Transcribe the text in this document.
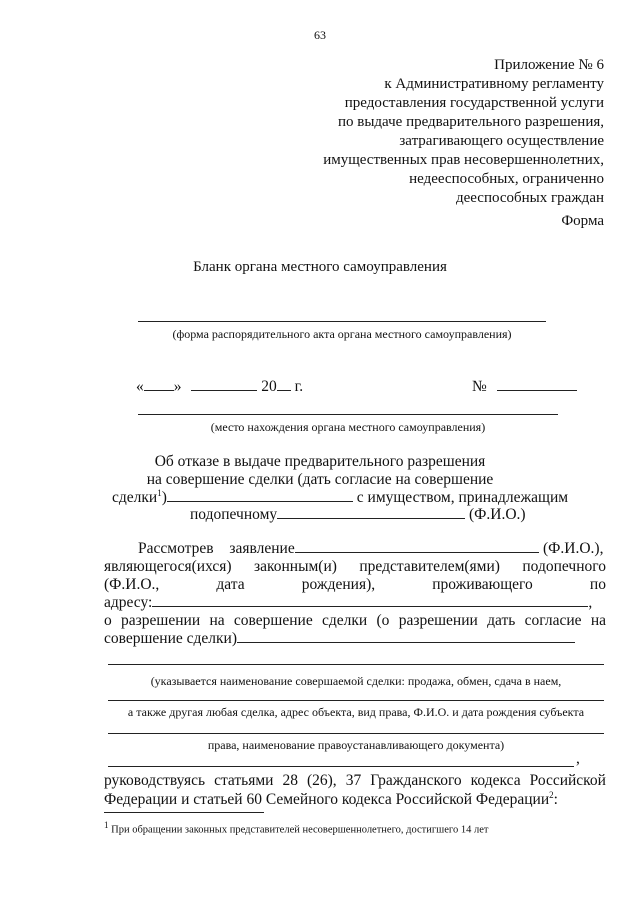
63
Приложение № 6
к Административному регламенту
предоставления государственной услуги
по выдаче предварительного разрешения,
затрагивающего осуществление
имущественных прав несовершеннолетних,
недееспособных, ограниченно
дееспособных граждан
Форма
Бланк органа местного самоуправления
(форма распорядительного акта органа местного самоуправления)
« »	20 г.	№
(место нахождения органа местного самоуправления)
Об отказе в выдаче предварительного разрешения
на совершение сделки (дать согласие на совершение
сделки$^1$)	с имуществом, принадлежащим
подопечному	(Ф.И.О.)
Рассмотрев заявление	(Ф.И.О.),
являющегося(ихся) законным(и) представителем(ями) подопечного
(Ф.И.О.,	дата	рождения),	проживающего	по
адресу:	,
о разрешении на совершение сделки (о разрешении дать согласие на
совершение сделки)
(указывается наименование совершаемой сделки: продажа, обмен, сдача в наем,
а также другая любая сделка, адрес объекта, вид права, Ф.И.О. и дата рождения субъекта
права, наименование правоустанавливающего документа)
,
руководствуясь статьями 28 (26), 37 Гражданского кодекса Российской
Федерации и статьей 60 Семейного кодекса Российской Федерации$^2$:
1 При обращении законных представителей несовершеннолетнего, достигшего 14 лет
